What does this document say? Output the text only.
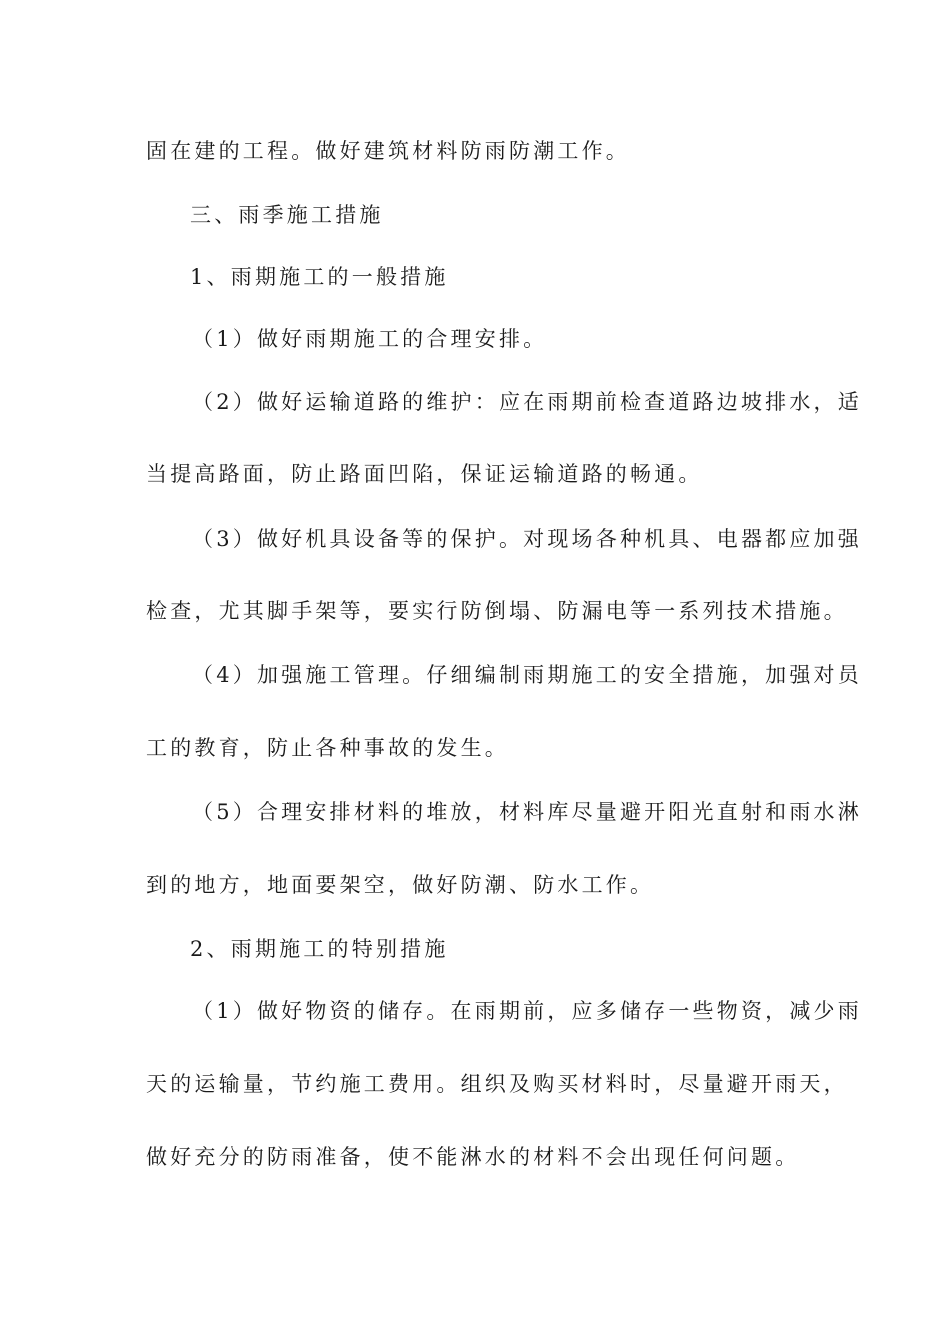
固在建的工程。做好建筑材料防雨防潮工作。

三、雨季施工措施

1、雨期施工的一般措施

（1）做好雨期施工的合理安排。

（2）做好运输道路的维护：应在雨期前检查道路边坡排水，适

当提高路面，防止路面凹陷，保证运输道路的畅通。

（3）做好机具设备等的保护。对现场各种机具、电器都应加强

检查，尤其脚手架等，要实行防倒塌、防漏电等一系列技术措施。

（4）加强施工管理。仔细编制雨期施工的安全措施，加强对员

工的教育，防止各种事故的发生。

（5）合理安排材料的堆放，材料库尽量避开阳光直射和雨水淋

到的地方，地面要架空，做好防潮、防水工作。

2、雨期施工的特别措施

（1）做好物资的储存。在雨期前，应多储存一些物资，减少雨

天的运输量，节约施工费用。组织及购买材料时，尽量避开雨天，

做好充分的防雨准备，使不能淋水的材料不会出现任何问题。
